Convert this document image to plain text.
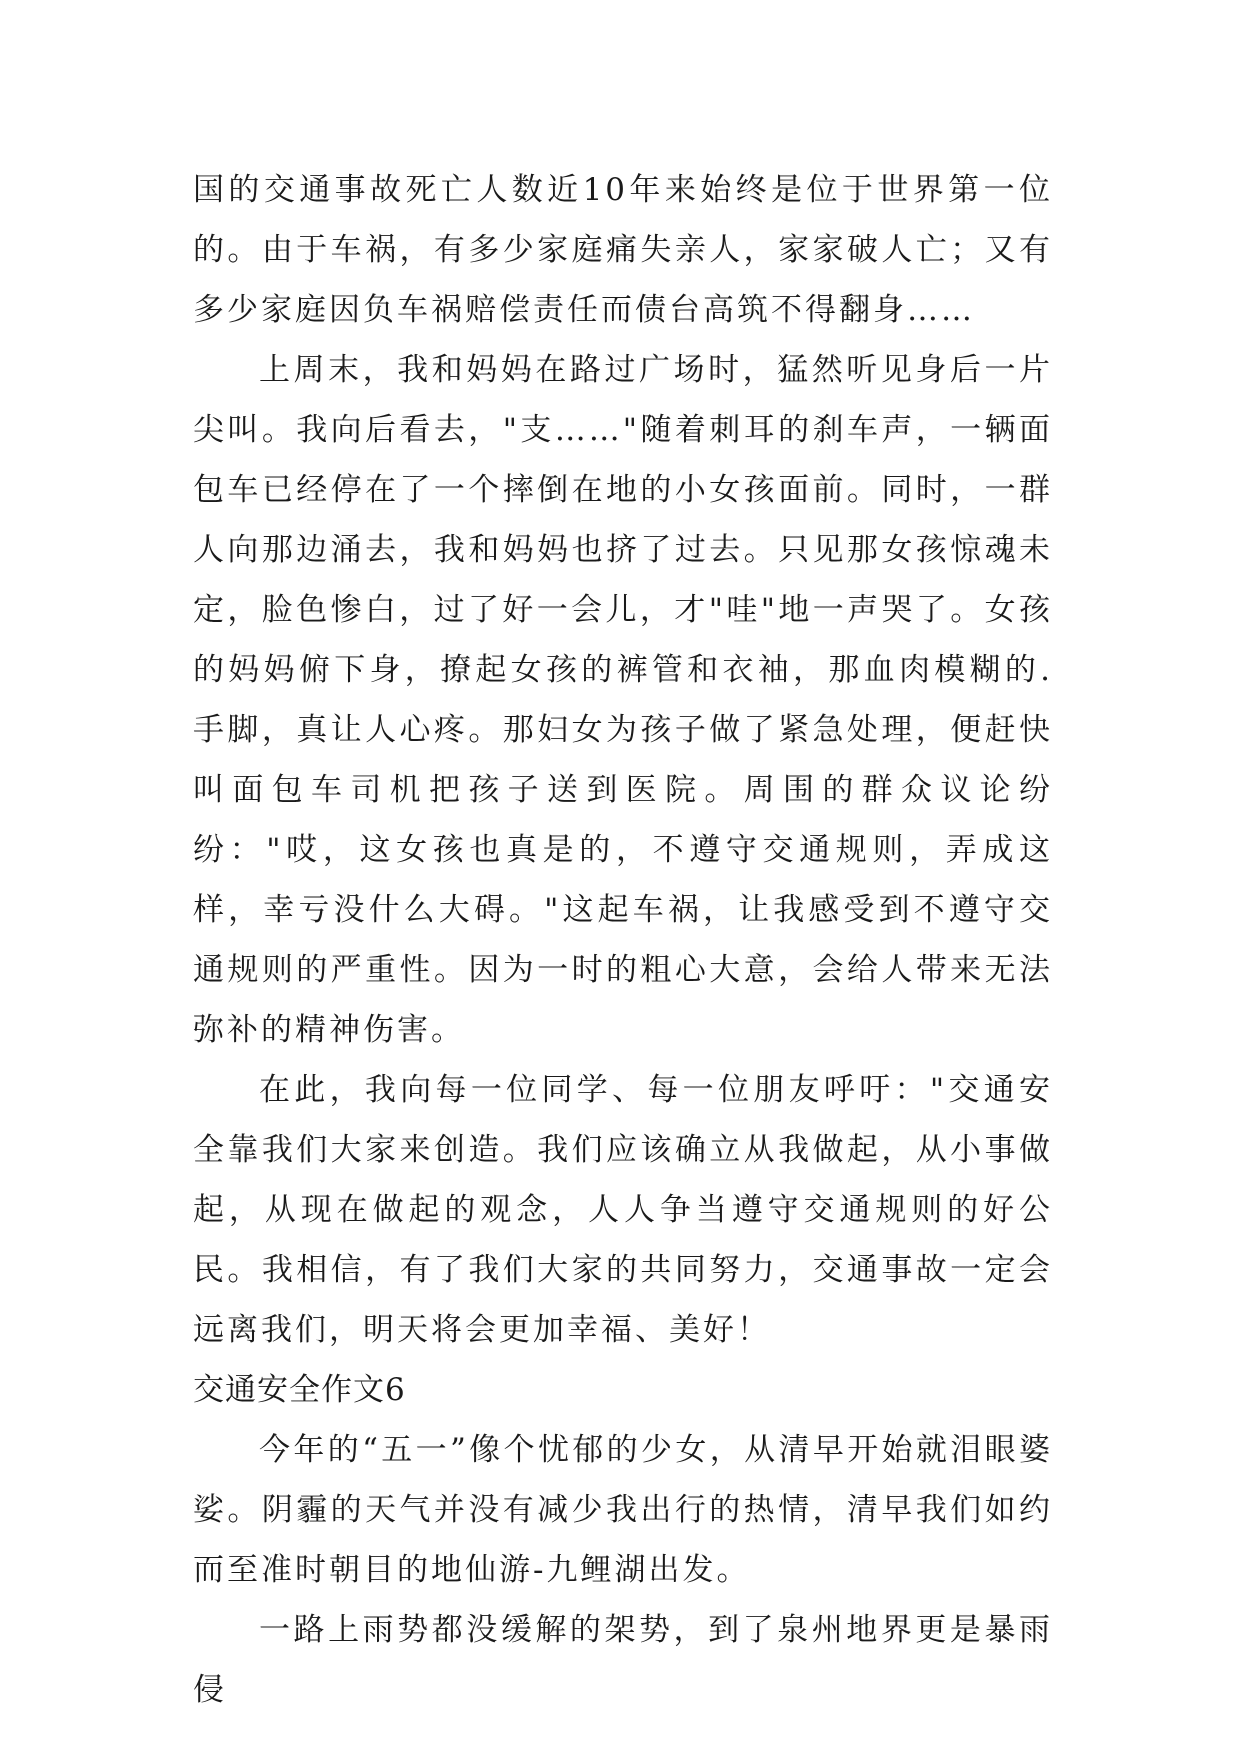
国的交通事故死亡人数近10年来始终是位于世界第一位的。由于车祸，有多少家庭痛失亲人，家家破人亡；又有多少家庭因负车祸赔偿责任而债台高筑不得翻身……

上周末，我和妈妈在路过广场时，猛然听见身后一片尖叫。我向后看去，"支……"随着刺耳的刹车声，一辆面包车已经停在了一个摔倒在地的小女孩面前。同时，一群人向那边涌去，我和妈妈也挤了过去。只见那女孩惊魂未定，脸色惨白，过了好一会儿，才"哇"地一声哭了。女孩的妈妈俯下身，撩起女孩的裤管和衣袖，那血肉模糊的.手脚，真让人心疼。那妇女为孩子做了紧急处理，便赶快叫面包车司机把孩子送到医院。周围的群众议论纷纷："哎，这女孩也真是的，不遵守交通规则，弄成这样，幸亏没什么大碍。"这起车祸，让我感受到不遵守交通规则的严重性。因为一时的粗心大意，会给人带来无法弥补的精神伤害。

在此，我向每一位同学、每一位朋友呼吁："交通安全靠我们大家来创造。我们应该确立从我做起，从小事做起，从现在做起的观念，人人争当遵守交通规则的好公民。我相信，有了我们大家的共同努力，交通事故一定会远离我们，明天将会更加幸福、美好！

交通安全作文6

今年的“五一”像个忧郁的少女，从清早开始就泪眼婆娑。阴霾的天气并没有减少我出行的热情，清早我们如约而至准时朝目的地仙游-九鲤湖出发。

一路上雨势都没缓解的架势，到了泉州地界更是暴雨侵
